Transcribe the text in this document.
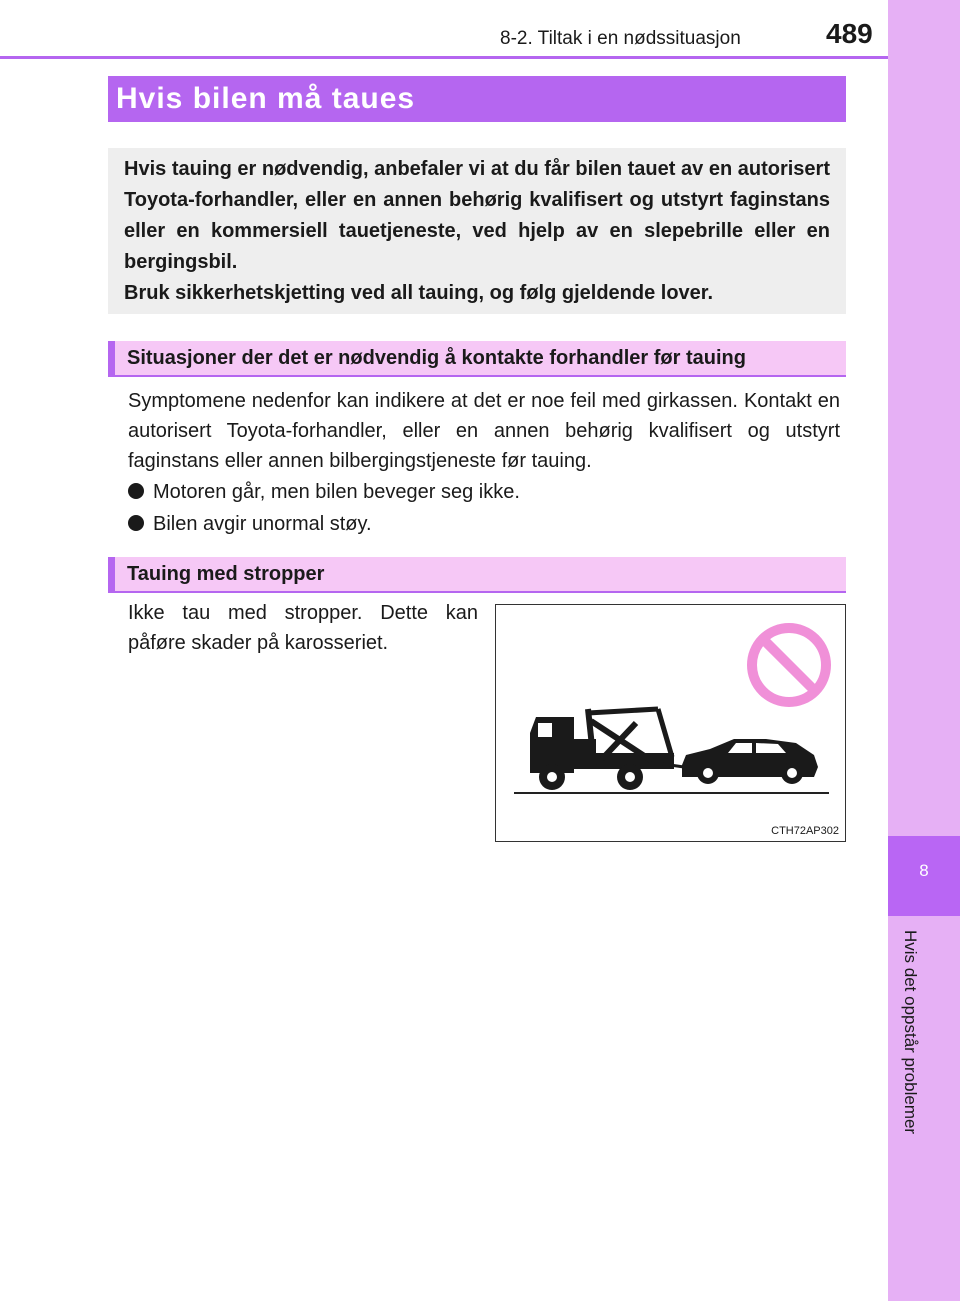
8-2. Tiltak i en nødssituasjon	489
8
Hvis det oppstår problemer
Hvis bilen må taues

Hvis tauing er nødvendig, anbefaler vi at du får bilen tauet av en autorisert Toyota-forhandler, eller en annen behørig kvalifisert og utstyrt faginstans eller en kommersiell tauetjeneste, ved hjelp av en slepebrille eller en bergingsbil.

Bruk sikkerhetskjetting ved all tauing, og følg gjeldende lover.

Situasjoner der det er nødvendig å kontakte forhandler før tauing
Symptomene nedenfor kan indikere at det er noe feil med girkassen. Kontakt en autorisert Toyota-forhandler, eller en annen behørig kvalifisert og utstyrt faginstans eller annen bilbergingstjeneste før tauing.
Motoren går, men bilen beveger seg ikke.
Bilen avgir unormal støy.
Tauing med stropper
Ikke tau med stropper. Dette kan påføre skader på karosseriet.
CTH72AP302
